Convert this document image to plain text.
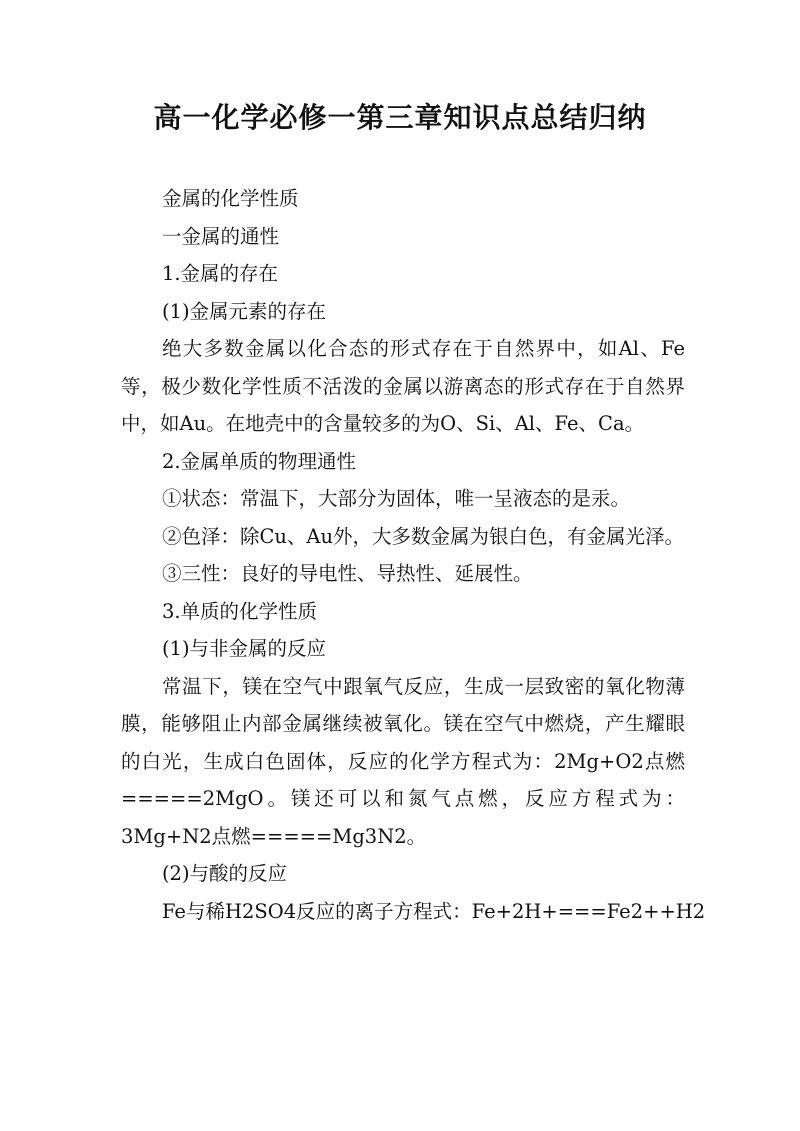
高一化学必修一第三章知识点总结归纳

金属的化学性质

一金属的通性

1.金属的存在

(1)金属元素的存在

绝大多数金属以化合态的形式存在于自然界中，如Al、Fe等，极少数化学性质不活泼的金属以游离态的形式存在于自然界中，如Au。在地壳中的含量较多的为O、Si、Al、Fe、Ca。

2.金属单质的物理通性

①状态：常温下，大部分为固体，唯一呈液态的是汞。

②色泽：除Cu、Au外，大多数金属为银白色，有金属光泽。

③三性：良好的导电性、导热性、延展性。

3.单质的化学性质

(1)与非金属的反应

常温下，镁在空气中跟氧气反应，生成一层致密的氧化物薄膜，能够阻止内部金属继续被氧化。镁在空气中燃烧，产生耀眼的白光，生成白色固体，反应的化学方程式为：2Mg+O2点燃=====2MgO。镁还可以和氮气点燃，反应方程式为：3Mg+N2点燃=====Mg3N2。

(2)与酸的反应

Fe与稀H2SO4反应的离子方程式：Fe+2H+===Fe2++H2
